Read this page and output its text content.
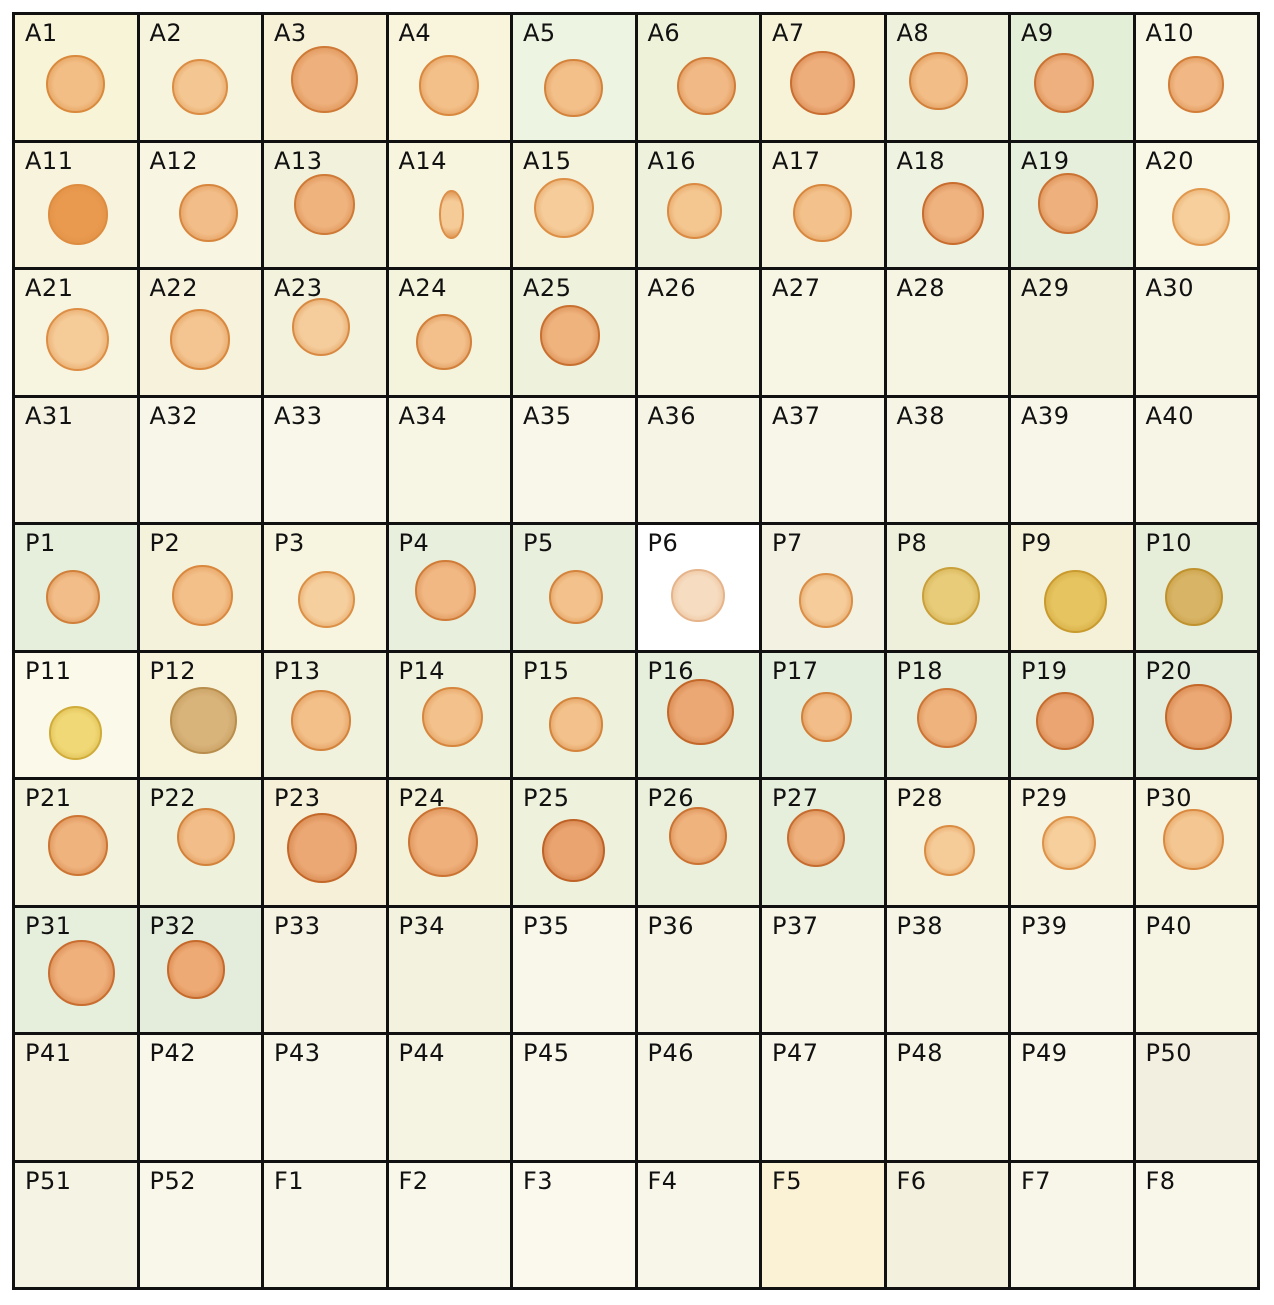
A1	A2	A3	A4	A5	A6	A7	A8	A9	A10
A11	A12	A13	A14	A15	A16	A17	A18	A19	A20
A21	A22	A23	A24	A25	A26	A27	A28	A29	A30
A31	A32	A33	A34	A35	A36	A37	A38	A39	A40
P1	P2	P3	P4	P5	P6	P7	P8	P9	P10
P11	P12	P13	P14	P15	P16	P17	P18	P19	P20
P21	P22	P23	P24	P25	P26	P27	P28	P29	P30
P31	P32	P33	P34	P35	P36	P37	P38	P39	P40
P41	P42	P43	P44	P45	P46	P47	P48	P49	P50
P51	P52	F1	F2	F3	F4	F5	F6	F7	F8
